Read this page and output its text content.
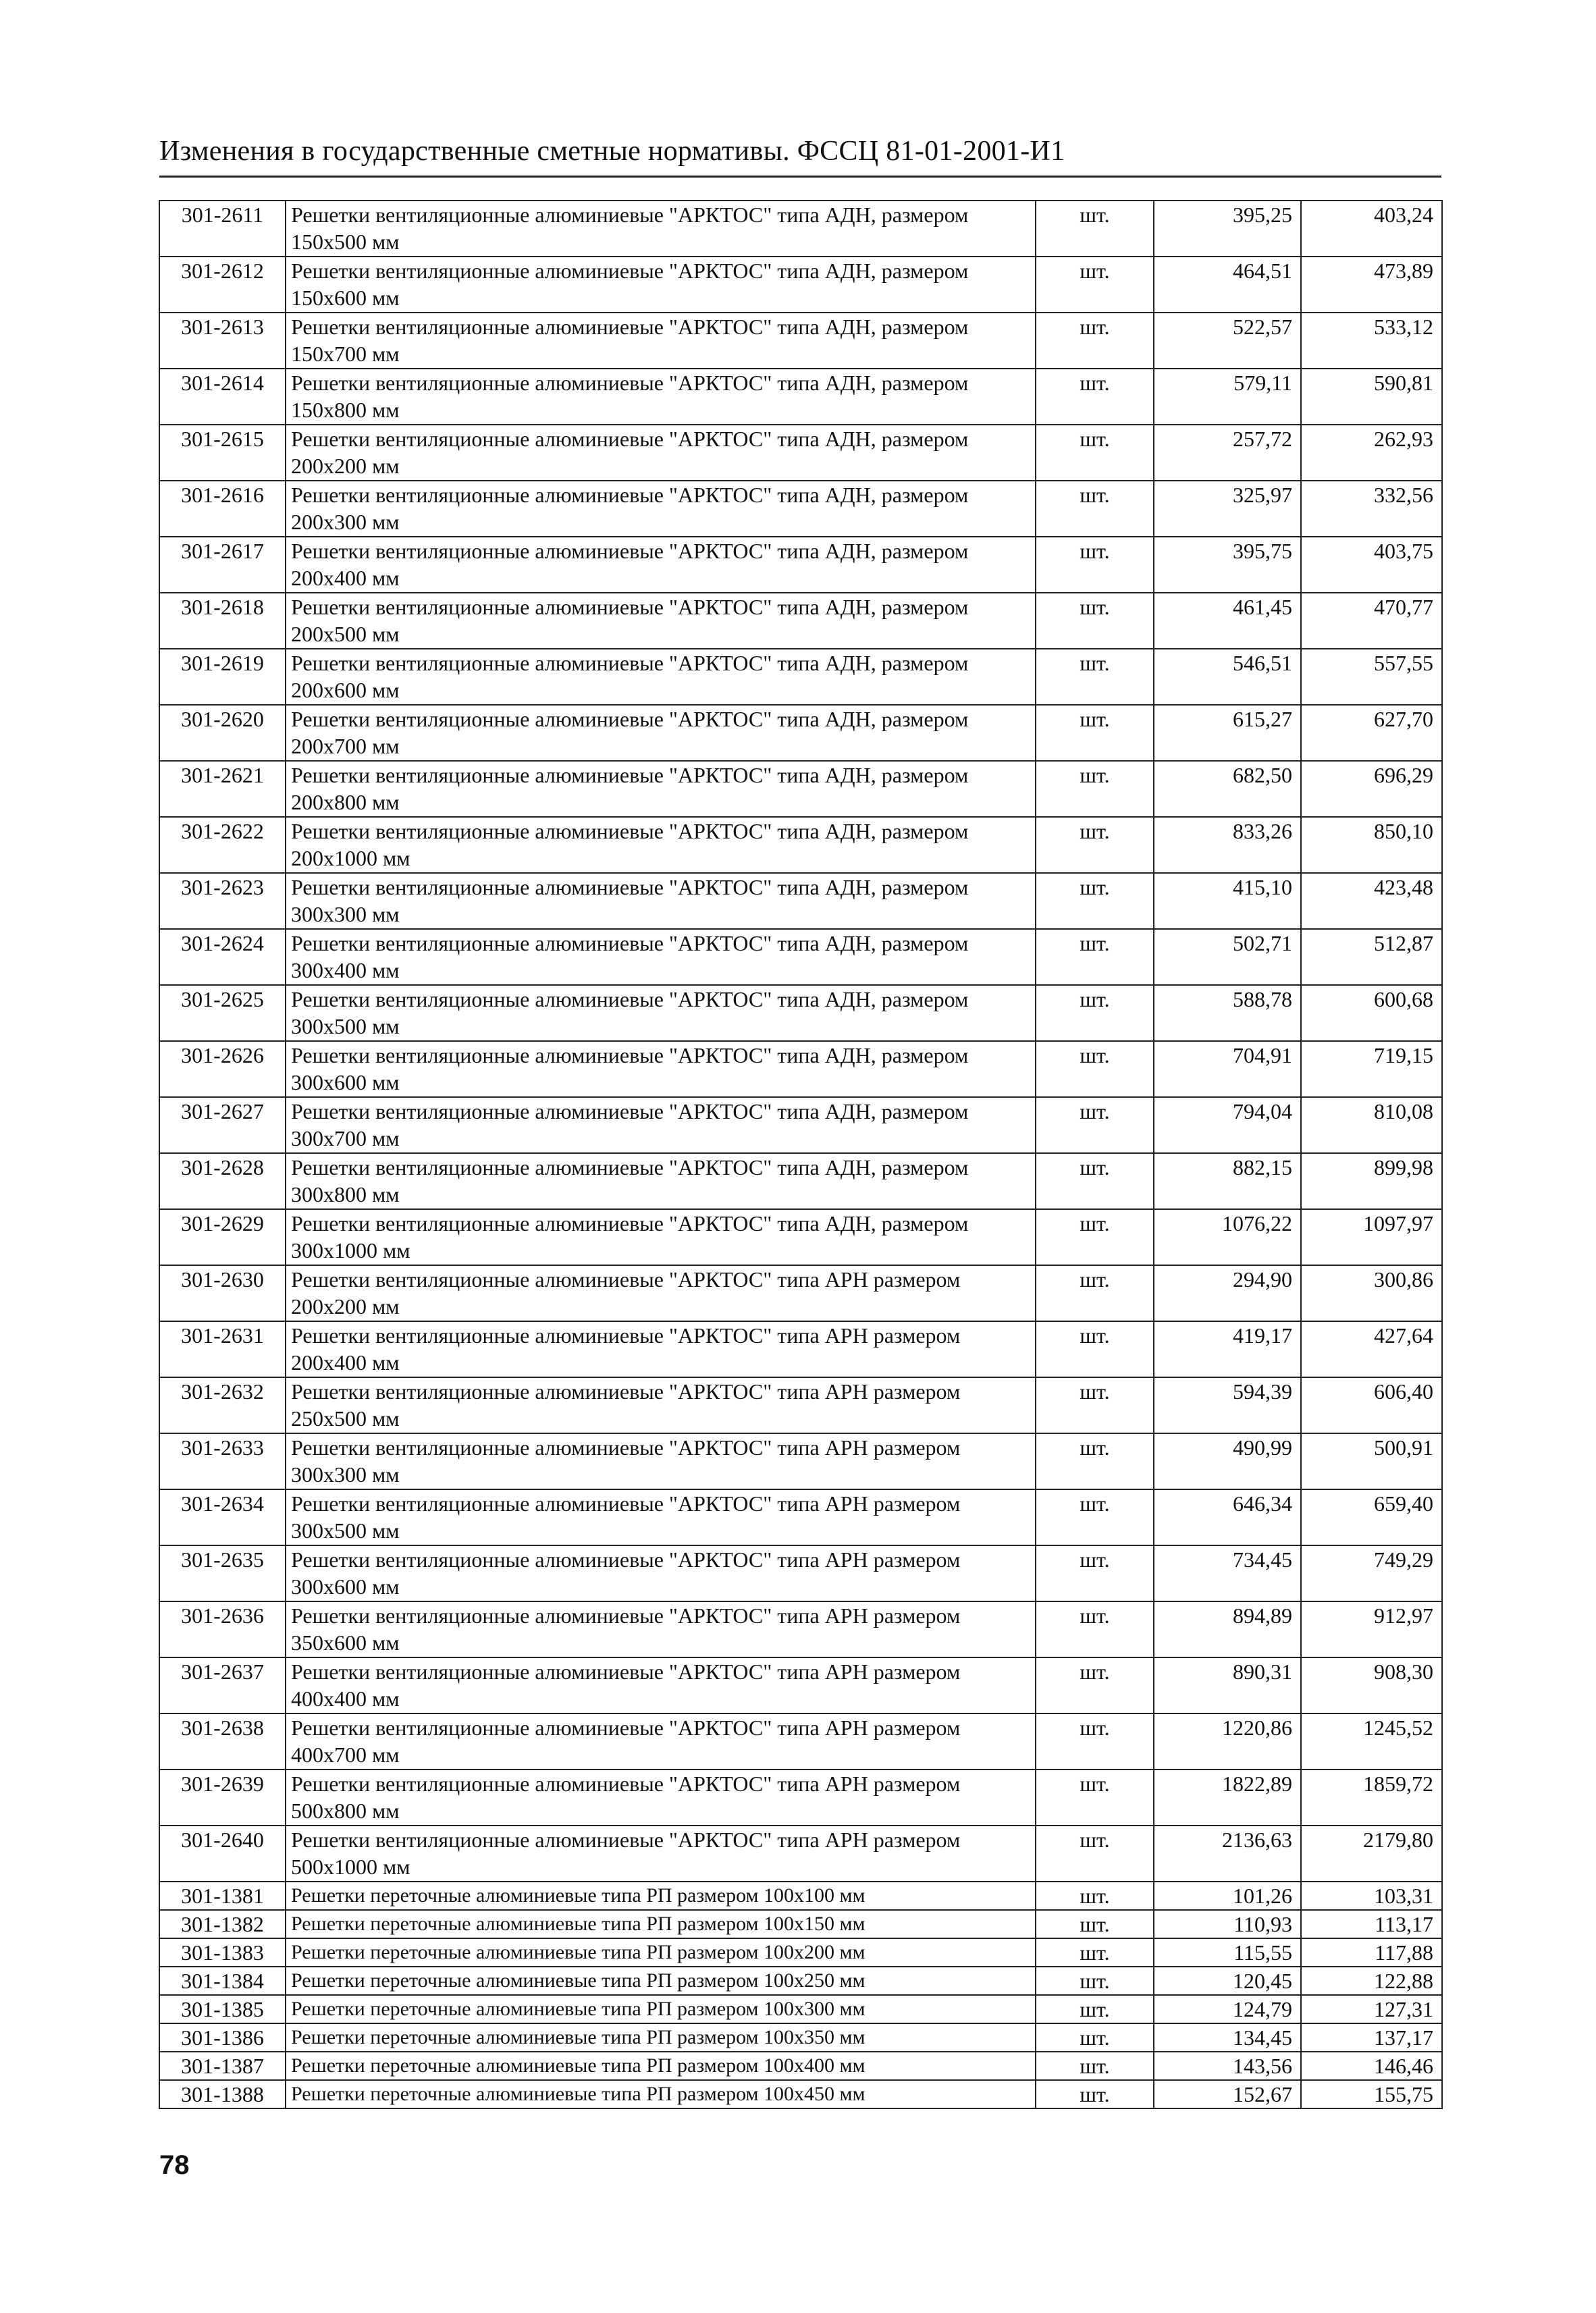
Изменения в государственные сметные нормативы. ФССЦ 81-01-2001-И1
301-2611	Решетки вентиляционные алюминиевые "АРКТОС" типа АДН, размером 150x500 мм	шт.	395,25	403,24
301-2612	Решетки вентиляционные алюминиевые "АРКТОС" типа АДН, размером 150x600 мм	шт.	464,51	473,89
301-2613	Решетки вентиляционные алюминиевые "АРКТОС" типа АДН, размером 150x700 мм	шт.	522,57	533,12
301-2614	Решетки вентиляционные алюминиевые "АРКТОС" типа АДН, размером 150x800 мм	шт.	579,11	590,81
301-2615	Решетки вентиляционные алюминиевые "АРКТОС" типа АДН, размером 200x200 мм	шт.	257,72	262,93
301-2616	Решетки вентиляционные алюминиевые "АРКТОС" типа АДН, размером 200x300 мм	шт.	325,97	332,56
301-2617	Решетки вентиляционные алюминиевые "АРКТОС" типа АДН, размером 200x400 мм	шт.	395,75	403,75
301-2618	Решетки вентиляционные алюминиевые "АРКТОС" типа АДН, размером 200x500 мм	шт.	461,45	470,77
301-2619	Решетки вентиляционные алюминиевые "АРКТОС" типа АДН, размером 200x600 мм	шт.	546,51	557,55
301-2620	Решетки вентиляционные алюминиевые "АРКТОС" типа АДН, размером 200x700 мм	шт.	615,27	627,70
301-2621	Решетки вентиляционные алюминиевые "АРКТОС" типа АДН, размером 200x800 мм	шт.	682,50	696,29
301-2622	Решетки вентиляционные алюминиевые "АРКТОС" типа АДН, размером 200x1000 мм	шт.	833,26	850,10
301-2623	Решетки вентиляционные алюминиевые "АРКТОС" типа АДН, размером 300x300 мм	шт.	415,10	423,48
301-2624	Решетки вентиляционные алюминиевые "АРКТОС" типа АДН, размером 300x400 мм	шт.	502,71	512,87
301-2625	Решетки вентиляционные алюминиевые "АРКТОС" типа АДН, размером 300x500 мм	шт.	588,78	600,68
301-2626	Решетки вентиляционные алюминиевые "АРКТОС" типа АДН, размером 300x600 мм	шт.	704,91	719,15
301-2627	Решетки вентиляционные алюминиевые "АРКТОС" типа АДН, размером 300x700 мм	шт.	794,04	810,08
301-2628	Решетки вентиляционные алюминиевые "АРКТОС" типа АДН, размером 300x800 мм	шт.	882,15	899,98
301-2629	Решетки вентиляционные алюминиевые "АРКТОС" типа АДН, размером 300x1000 мм	шт.	1076,22	1097,97
301-2630	Решетки вентиляционные алюминиевые "АРКТОС" типа АРН размером 200x200 мм	шт.	294,90	300,86
301-2631	Решетки вентиляционные алюминиевые "АРКТОС" типа АРН размером 200x400 мм	шт.	419,17	427,64
301-2632	Решетки вентиляционные алюминиевые "АРКТОС" типа АРН размером 250x500 мм	шт.	594,39	606,40
301-2633	Решетки вентиляционные алюминиевые "АРКТОС" типа АРН размером 300x300 мм	шт.	490,99	500,91
301-2634	Решетки вентиляционные алюминиевые "АРКТОС" типа АРН размером 300x500 мм	шт.	646,34	659,40
301-2635	Решетки вентиляционные алюминиевые "АРКТОС" типа АРН размером 300x600 мм	шт.	734,45	749,29
301-2636	Решетки вентиляционные алюминиевые "АРКТОС" типа АРН размером 350x600 мм	шт.	894,89	912,97
301-2637	Решетки вентиляционные алюминиевые "АРКТОС" типа АРН размером 400x400 мм	шт.	890,31	908,30
301-2638	Решетки вентиляционные алюминиевые "АРКТОС" типа АРН размером 400x700 мм	шт.	1220,86	1245,52
301-2639	Решетки вентиляционные алюминиевые "АРКТОС" типа АРН размером 500x800 мм	шт.	1822,89	1859,72
301-2640	Решетки вентиляционные алюминиевые "АРКТОС" типа АРН размером 500x1000 мм	шт.	2136,63	2179,80
301-1381	Решетки переточные алюминиевые типа РП размером 100x100 мм	шт.	101,26	103,31
301-1382	Решетки переточные алюминиевые типа РП размером 100x150 мм	шт.	110,93	113,17
301-1383	Решетки переточные алюминиевые типа РП размером 100x200 мм	шт.	115,55	117,88
301-1384	Решетки переточные алюминиевые типа РП размером 100x250 мм	шт.	120,45	122,88
301-1385	Решетки переточные алюминиевые типа РП размером 100x300 мм	шт.	124,79	127,31
301-1386	Решетки переточные алюминиевые типа РП размером 100x350 мм	шт.	134,45	137,17
301-1387	Решетки переточные алюминиевые типа РП размером 100x400 мм	шт.	143,56	146,46
301-1388	Решетки переточные алюминиевые типа РП размером 100x450 мм	шт.	152,67	155,75
78
